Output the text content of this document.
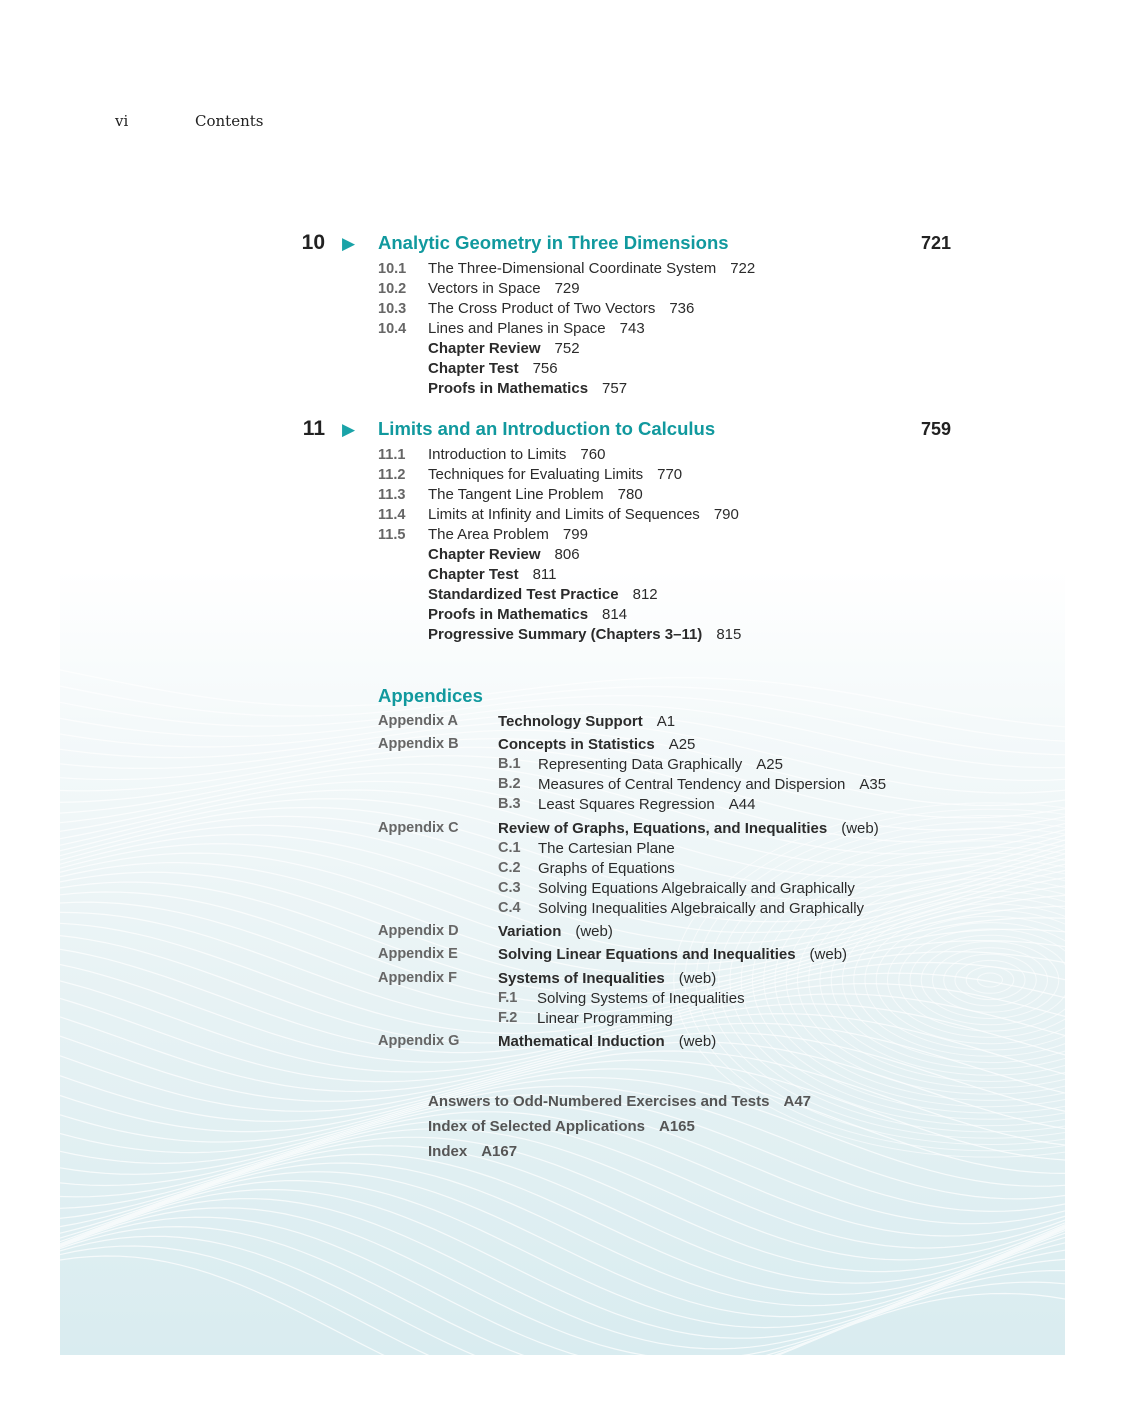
vi	Contents
10 ▶ Analytic Geometry in Three Dimensions	721
10.1 The Three-Dimensional Coordinate System 722
10.2 Vectors in Space 729
10.3 The Cross Product of Two Vectors 736
10.4 Lines and Planes in Space 743
Chapter Review 752
Chapter Test 756
Proofs in Mathematics 757
11 ▶ Limits and an Introduction to Calculus	759
11.1 Introduction to Limits 760
11.2 Techniques for Evaluating Limits 770
11.3 The Tangent Line Problem 780
11.4 Limits at Infinity and Limits of Sequences 790
11.5 The Area Problem 799
Chapter Review 806
Chapter Test 811
Standardized Test Practice 812
Proofs in Mathematics 814
Progressive Summary (Chapters 3–11) 815
Appendices
Appendix A	Technology Support A1
Appendix B	Concepts in Statistics A25
B.1 Representing Data Graphically A25
B.2 Measures of Central Tendency and Dispersion A35
B.3 Least Squares Regression A44
Appendix C	Review of Graphs, Equations, and Inequalities (web)
C.1 The Cartesian Plane
C.2 Graphs of Equations
C.3 Solving Equations Algebraically and Graphically
C.4 Solving Inequalities Algebraically and Graphically
Appendix D	Variation (web)
Appendix E	Solving Linear Equations and Inequalities (web)
Appendix F	Systems of Inequalities (web)
F.1 Solving Systems of Inequalities
F.2 Linear Programming
Appendix G	Mathematical Induction (web)
Answers to Odd-Numbered Exercises and Tests A47
Index of Selected Applications A165
Index A167
